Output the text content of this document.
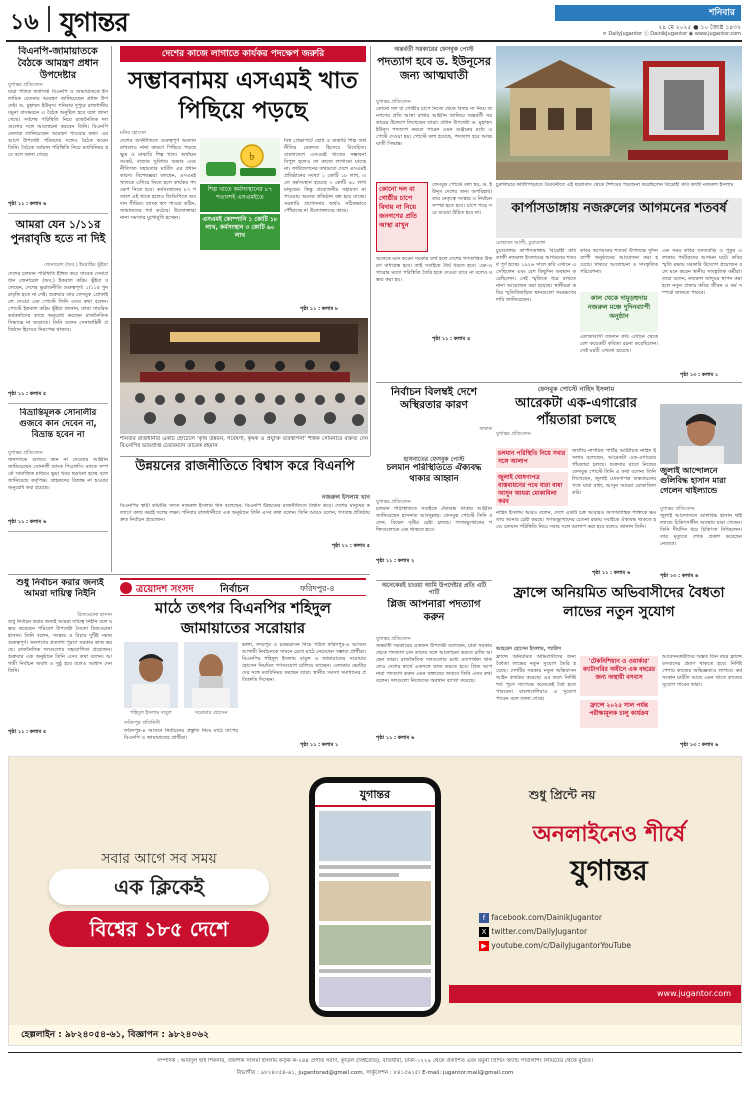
১৬ যুগান্তর	শনিবার
২৪ মে ২০২৫ ● ১০ জ্যৈষ্ঠ ১৪৩২
✕ DailyJugantor ⓕ DainikJugantor ◉ www.jugantor.com
বিএনপি-জামায়াতকে বৈঠকে আমন্ত্রণ প্রধান উপদেষ্টার
যুগান্তর প্রতিবেদন
যারা পতিত ফ্যাসিস্ট বিএনপি ও জামায়াতকে ইসলামিক চেতনায় আমন্ত্রণ জানিয়েছেন প্রধান উপদেষ্টা ড. মুহাম্মদ ইউনূস। শনিবার দুপুরে রাজধানীর যমুনা বাসভবনে এ বৈঠক অনুষ্ঠিত হবে বলে জানা গেছে। সর্বশেষ পরিস্থিতি নিয়ে রাজনৈতিক দলগুলোর সঙ্গে আলোচনা করবেন তিনি। বিএনপি নেতারা জানিয়েছেন আমন্ত্রণ পাওয়ার কথা। এর আগে উপদেষ্টা পরিষদের সঙ্গেও বৈঠক করেন তিনি। বৈঠকে বর্তমান পরিস্থিতি নিয়ে মতবিনিময় হবে বলে জানা গেছে।
পৃষ্ঠা ১১ : কলাম ৬
আমরা যেন ১/১১র পুনরাবৃত্তি হতে না দিই
জেনারেল (অব.) ইবরাহিম ভূঁইয়া
দেশের চলমান পরিস্থিতি ইঙ্গিত করে সাবেক সেনাপ্রধান জেনারেল (অব.) ইকবাল করিম ভূঁইয়া বলেছেন, দেশের ভূরাজনীতি গুরুত্বপূর্ণ। ১/১১র পুনরাবৃত্তি হতে না দেই। শুক্রবার তার ফেসবুক প্রোফাইলে দেওয়া এক পোস্টে তিনি এসব কথা বলেন। পোস্টে ইকবাল করিম ভূঁইয়া জানান, তারা সামরিক কর্মকর্তাদের কাছে অনুরোধ করছেন রাজনৈতিক সিদ্ধান্তে না জড়াতে। তিনি বলেন সেনাবাহিনী প্রতিষ্ঠান হিসেবে নিরপেক্ষ থাকবে।
পৃষ্ঠা ১১ : কলাম ৫
বিভ্রান্তিমূলক সোনালীর গুজবে কান দেবেন না, বিভ্রান্ত হবেন না
যুগান্তর প্রতিবেদন
জনগণকে গুজবে কান না দেওয়ার আহ্বান জানিয়েছেন সোনালী ব্যাংক পিএলসি। ব্যাংক সম্পর্কে সামাজিক মাধ্যমে ভুয়া খবর ছড়ানো হচ্ছে বলে জানিয়েছে কর্তৃপক্ষ। গ্রাহকদের বিভ্রান্ত না হওয়ার অনুরোধ করা হয়েছে।
পৃষ্ঠা ১১ : কলাম ৬
দেশের কাজে লাগাতে কার্যকর পদক্ষেপ জরুরি
সম্ভাবনাময় এসএমই খাত পিছিয়ে পড়ছে
মনির হোসেন
দেশের অর্থনীতিতে গুরুত্বপূর্ণ অবদান রাখলেও নানা কারণে পিছিয়ে পড়ছে ক্ষুদ্র ও মাঝারি শিল্প খাত। অর্থায়ন সংকট, বাজার সুবিধার অভাব এবং নীতিগত সহায়তার ঘাটতি এর প্রধান কারণ। বিশেষজ্ঞরা বলছেন, এসএমই খাতকে এগিয়ে নিতে হলে কার্যকর পদক্ষেপ নিতে হবে। কর্মসংস্থানের ৮৭ শতাংশ এই খাতে হলেও জিডিপিতে অবদান সীমিত। ব্যাংক ঋণ পাওয়া কঠিন, জামানতের শর্ত কঠোর। উদ্যোক্তারা নানা সমস্যার মুখোমুখি হচ্ছেন।
৳
শিল্প খাতে কর্মসংস্থানের ৮৭ শতাংশই এসএমইতে
এসএমই কোম্পানি ১ কোটি ১৮ লাখ, কর্মসংস্থান ৩ কোটি ৬০ লাখ
বিশ্ব প্রেক্ষাপটে ছোট ও মাঝারি শিল্প অর্থনীতির মেরুদণ্ড হিসেবে বিবেচিত। বাংলাদেশে এসএমই খাতের সম্ভাবনা বিপুল হলেও তা কাজে লাগানো যাচ্ছে না। ফাউন্ডেশনের তথ্যমতে দেশে এসএমই প্রতিষ্ঠানের সংখ্যা ১ কোটি ১৮ লাখ, এতে কর্মসংস্থান হয়েছে ৩ কোটি ৬০ লাখ মানুষের। কিন্তু প্রয়োজনীয় সহায়তা না পাওয়ায় অনেক প্রতিষ্ঠান বন্ধ হয়ে যাচ্ছে। সরকারি প্রণোদনার অর্থও সঠিকভাবে পৌঁছাচ্ছে না উদ্যোক্তাদের কাছে।
পৃষ্ঠা ১১ : কলাম ৮
শনিবার রাজধানীর একটি হোটেলে 'কৃষি উন্নয়ন, গবেষণা, কৃষক ও প্রযুক্তি ব্যবস্থাপনা' শীর্ষক সেমিনারে বক্তব্য দেন বিএনপির ভারপ্রাপ্ত চেয়ারম্যান তারেক রহমান
অন্তর্বর্তী সরকারের ফেসবুক পোস্ট
পদত্যাগ হবে ড. ইউনূসের জন্য আত্মঘাতী
যুগান্তর প্রতিবেদন
কোনো দল বা গোষ্ঠীর চাপে নিজে থেকে বিদায় না নিয়ে জনগণের প্রতি আস্থা রাখার আহ্বান জানিয়ে অন্তর্বর্তী সরকারের উদ্দেশে লিখেছেন তারা। প্রধান উপদেষ্টা ড. মুহাম্মদ ইউনূস পদত্যাগ করতে পারেন এমন গুঞ্জনের মধ্যে এ পোস্ট দেওয়া হয়। পোস্টে বলা হয়েছে, পদত্যাগ হবে আত্মঘাতী সিদ্ধান্ত।
কোনো দল বা গোষ্ঠীর চাপে বিদায় না নিয়ে জনগণের প্রতি আস্থা রাখুন
ফেসবুক পোস্টে বলা হয়, ড. ইউনূস দেশের জন্য অপরিহার্য। তার নেতৃত্বে সংস্কার ও নির্বাচন সম্পন্ন হতে হবে। চাপে পড়ে সরে যাওয়া উচিত হবে না।
অনেকে মনে করেন সরকার ব্যর্থ হলে দেশের গণতান্ত্রিক উত্তরণ বাধাগ্রস্ত হবে। তাই সবাইকে ধৈর্য ধরতে হবে। এক-এগারোর মতো পরিস্থিতি তৈরি হতে দেওয়া যাবে না বলেও মন্তব্য করা হয়।
পৃষ্ঠা ১১ : কলাম ৪
চুরুলিয়ার কাজীপাড়াতে বৈরবনীতে এই ছাত্রাবাস থেকে শৈশবের পড়াশুনা করেছিলেন বিদ্রোহী কবি কাজী নজরুল ইসলাম
কার্পাসডাঙ্গায় নজরুলের আগমনের শতবর্ষ
মোহাম্মদ আলী, চুয়াডাঙ্গা
চুয়াডাঙ্গার কার্পাসডাঙ্গায় বিদ্রোহী কবি কাজী নজরুল ইসলামের আগমনের শতবর্ষ পূর্ণ হচ্ছে। ১৯২৬ সালে কবি এখানে এসেছিলেন এবং বেশ কিছুদিন অবস্থান করেছিলেন। সেই স্মৃতিকে ধরে রাখতে নানা আয়োজন করা হয়েছে। স্থানীয়রা কবির স্মৃতিবিজড়িত স্থানগুলো সংরক্ষণের দাবি জানিয়েছেন।	কাল থেকে দামুড়হুদায় নজরুল মঞ্চে দুদিনব্যাপী অনুষ্ঠান
কবির আগমনের শতবর্ষ উপলক্ষে দুদিনব্যাপী অনুষ্ঠানের আয়োজন করা হয়েছে। থাকবে আলোচনা ও সাংস্কৃতিক পরিবেশনা।
এলাকাবাসী জানান কবি এখানে থেকে বেশ কয়েকটি কবিতা রচনা করেছিলেন। সেই ঘরটি এখনো রয়েছে।
এক সময় কবির বসতবাড়ি ও পুকুর এলাকায় পর্যটকদের আগমন ঘটে। কবির স্মৃতি রক্ষায় সরকারি উদ্যোগ প্রয়োজন বলে মনে করেন স্থানীয় সাংস্কৃতিক কর্মীরা। তারা বলেন, নজরুল জাদুঘর স্থাপন করা হলে নতুন প্রজন্ম কবির জীবন ও কর্ম সম্পর্কে জানতে পারবে।
পৃষ্ঠা ১৩ : কলাম ১
নির্বাচন বিলম্বই দেশে অস্থিরতার কারণ
ফারুক
ফেসবুক পোস্টে নাহিদ ইসলাম
আরেকটা এক-এগারোর পাঁয়তারা চলছে
যুগান্তর প্রতিবেদন
চলমান পরিস্থিতি নিয়ে সবার সঙ্গে আলাপ
জুলাই ঘোষণাপত্র বাস্তবায়নের পথে যারা বাধা আসুন আমরা মোকাবিলা করব
জাতীয় নাগরিক পার্টির আহ্বায়ক নাহিদ ইসলাম বলেছেন, আরেকটা এক-এগারোর পাঁয়তারা চলছে। শুক্রবার রাতে নিজের ফেসবুক পোস্টে তিনি এ কথা বলেন। তিনি লিখেছেন, জুলাই ঘোষণাপত্র বাস্তবায়নের পথে যারা বাধা, আসুন আমরা মোকাবিলা করি।
নাহিদ ইসলাম আরও বলেন, দেশে একটি চক্র আবারও অগণতান্ত্রিক শক্তিকে ক্ষমতায় আনার চেষ্টা করছে। গণঅভ্যুত্থানের চেতনা রক্ষায় সবাইকে ঐক্যবদ্ধ থাকতে হবে। চলমান পরিস্থিতি নিয়ে সবার সঙ্গে আলাপ করা হবে বলেও জানান তিনি।
পৃষ্ঠা ১১ : কলাম ৬
জুলাই আন্দোলনে গুলিবিদ্ধ হাসান মারা গেলেন থাইল্যান্ডে
যুগান্তর প্রতিবেদন
জুলাই আন্দোলনে গুলিবিদ্ধ হাসান থাইল্যান্ডে চিকিৎসাধীন অবস্থায় মারা গেছেন। তিনি দীর্ঘদিন ধরে চিকিৎসা নিচ্ছিলেন। তার মৃত্যুতে শোক প্রকাশ করেছেন নেতারা।
পৃষ্ঠা ১৩ : কলাম ৬
উন্নয়নের রাজনীতিতে বিশ্বাস করে বিএনপি
নজরুল ইসলাম খান
বিএনপির স্থায়ী কমিটির সদস্য নজরুল ইসলাম খান বলেছেন, বিএনপি উন্নয়নের রাজনীতিতে বিশ্বাস করে। দেশের মানুষের কল্যাণে কাজ করাই দলের লক্ষ্য। শনিবার রাজধানীতে এক অনুষ্ঠানে তিনি এসব কথা বলেন। তিনি আরও বলেন, গণতন্ত্র প্রতিষ্ঠায় দ্রুত নির্বাচন প্রয়োজন।
পৃষ্ঠা ১১ : কলাম ৫
হাসনাতের ফেসবুক পোস্ট
চলমান পরিস্থিতিতে ঐক্যবদ্ধ থাকার আহ্বান
যুগান্তর প্রতিবেদন
চলমান পরিস্থিতিতে সবাইকে ঐক্যবদ্ধ থাকার আহ্বান জানিয়েছেন হাসনাত আবদুল্লাহ। ফেসবুক পোস্টে তিনি বলেন, বিভেদ সৃষ্টির চেষ্টা চলছে। গণঅভ্যুত্থানের শক্তিগুলোকে এক থাকতে হবে।
পৃষ্ঠা ১১ : কলাম ২
অনেকেরই চাওয়া আমি উপদেষ্টার প্রতি এটি পার্টি
প্লিজ আপনারা পদত্যাগ করুন
যুগান্তর প্রতিবেদন
অন্তর্বর্তী সরকারের একজন উপদেষ্টা বলেছেন, যারা সরকার থেকে পদত্যাগ চান তাদের সঙ্গে আলোচনা করতে রাজি আছেন তারা। রাজনৈতিক দলগুলোর মধ্যে মতপার্থক্য থাকলেও দেশের স্বার্থে একসঙ্গে কাজ করতে হবে। প্লিজ আপনারা পদত্যাগ করুন এমন বক্তব্যের জবাবে তিনি এসব কথা বলেন। দলগুলো নিজেদের অবস্থান ব্যাখ্যা করেছে।
পৃষ্ঠা ১১ : কলাম ৬
ফ্রান্সে অনিয়মিত অভিবাসীদের বৈধতা লাভের নতুন সুযোগ
আহমেদ হোসেন ইসলাম, প্যারিস
ফ্রান্সে অনিয়মিত অভিবাসীদের জন্য বৈধতা লাভের নতুন সুযোগ তৈরি হয়েছে। দেশটির সরকার নতুন অভিবাসন আইন কার্যকর করেছে। এর ফলে নির্দিষ্ট শর্ত পূরণ সাপেক্ষে অনেকেই বৈধ হতে পারবেন। বাংলাদেশিরাও এ সুযোগ পাবেন বলে জানা গেছে।
'টেকনিশিয়ান ও ওয়ার্কার' ক্যাটাগরির অধীনে এক বছরের জন্য অস্থায়ী বসবাস
ফ্রান্সে ২০২৫ সাল পর্যন্ত পরীক্ষামূলক চালু কার্যক্রম
আবেদনকারীদের অন্তত তিন বছর ফ্রান্সে বসবাসের প্রমাণ থাকতে হবে। নির্দিষ্ট পেশায় কাজের অভিজ্ঞতাও লাগবে। কর্মসংস্থান ঘাটতি আছে এমন খাতে কাজের সুযোগ পাবেন তারা।
পৃষ্ঠা ১৩ : কলাম ৬
শুধু নির্বাচন করার জন্যই আমরা দায়িত্ব নিইনি
রিজওয়ানা হাসান
শুধু নির্বাচন করার জন্যই আমরা দায়িত্ব নিইনি বলে মন্তব্য করেছেন পরিবেশ উপদেষ্টা সৈয়দা রিজওয়ানা হাসান। তিনি বলেন, সংস্কার ও বিচার দুটিই সমান গুরুত্বপূর্ণ। জনগণের প্রত্যাশা পূরণে সরকার কাজ করছে। রাজনৈতিক দলগুলোর সহযোগিতা প্রয়োজন। শুক্রবার এক অনুষ্ঠানে তিনি এসব কথা বলেন। আগামী নির্বাচন অবাধ ও সুষ্ঠু হবে বলেও আশ্বাস দেন তিনি।
পৃষ্ঠা ১১ : কলাম ৫
ত্রয়োদশ সংসদ	নির্বাচন	ফরিদপুর-৪
মাঠে তৎপর বিএনপির শহিদুল জামায়াতের সরোয়ার
শহিদুল ইসলাম বাবুল	সরোয়ার হোসেন
ফরিদপুর প্রতিনিধি
ফরিদপুর-৪ আসনে নির্বাচনের প্রস্তুতি নিয়ে মাঠে তৎপর বিএনপি ও জামায়াতের প্রার্থীরা।
ভাঙ্গা, সদরপুর ও চরভদ্রাসন নিয়ে গঠিত ফরিদপুর-৪ আসনে আগামী নির্বাচনকে সামনে রেখে মাঠে নেমেছেন সম্ভাব্য প্রার্থীরা। বিএনপির শহিদুল ইসলাম বাবুল ও জামায়াতের সরোয়ার হোসেন নিয়মিত গণসংযোগ চালিয়ে যাচ্ছেন। এলাকার ভোটারদের সঙ্গে মতবিনিময় করছেন তারা। স্থানীয় সমস্যা সমাধানের প্রতিশ্রুতি দিচ্ছেন।
পৃষ্ঠা ১১ : কলাম ১
সবার আগে সব সময়
এক ক্লিকেই
বিশ্বের ১৮৫ দেশে
যুগান্তর	শুধু প্রিন্টে নয়
অনলাইনেও শীর্ষে
যুগান্তর
f facebook.com/DainikJugantor
X twitter.com/DailyJugantor
▶ youtube.com/c/DailyJugantorYouTube
www.jugantor.com
হেল্পলাইন : ৯৮২৪০৫৪-৬১, বিজ্ঞাপন : ৯৮২৪০৬২
সম্পাদক : আবদুল হাই শিকদার, প্রকাশক সালমা ইসলাম কর্তৃক ক-২৪৪ প্রগতি সরণি, কুড়িল (বিশ্বরোড), বারিধারা, ঢাকা-১২২৯ থেকে প্রকাশিত এবং যমুনা প্রিন্টিং অ্যান্ড পাবলিশিং লিমিটেড থেকে মুদ্রিত।
বিভাগীয় : ৯৮২৪০৫৪-৬১, jugantorad@gmail.com, সার্কুলেশন : ৮৪১৫৬১৫। E-mail: jugantor.mail@gmail.com
